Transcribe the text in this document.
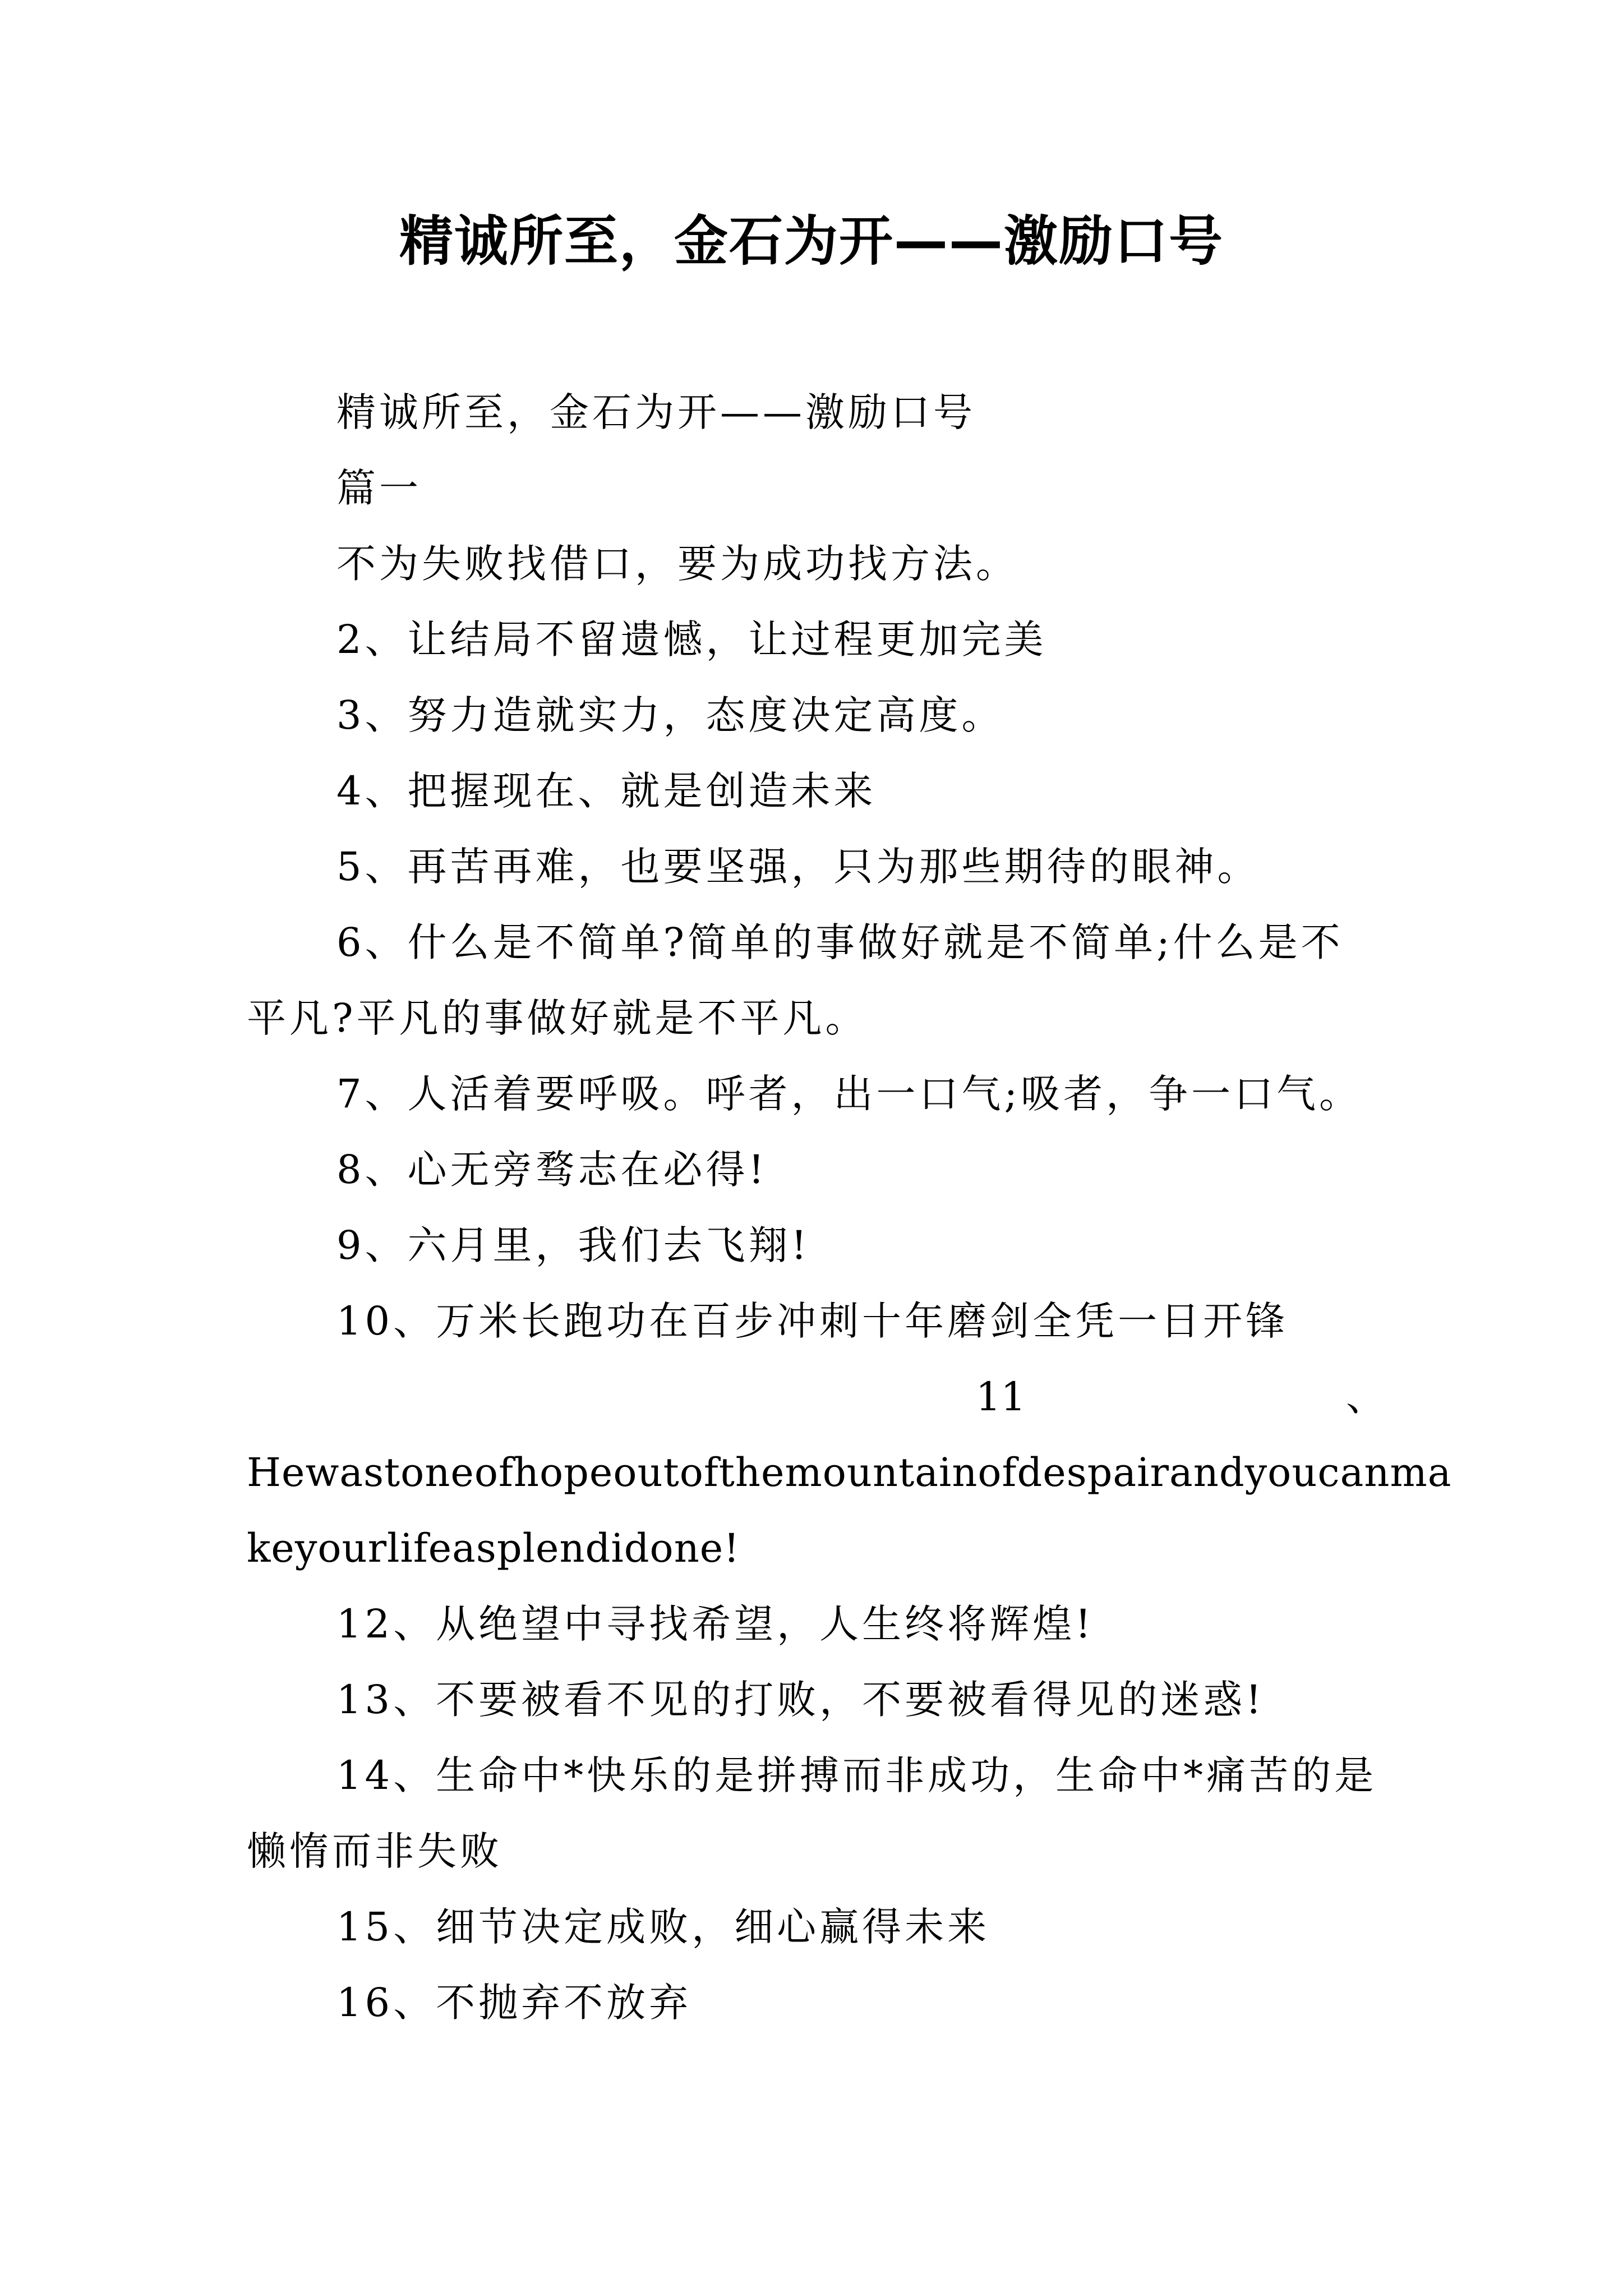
精诚所至，金石为开——激励口号
精诚所至，金石为开——激励口号
篇一
不为失败找借口，要为成功找方法。
2、让结局不留遗憾，让过程更加完美
3、努力造就实力，态度决定高度。
4、把握现在、就是创造未来
5、再苦再难，也要坚强，只为那些期待的眼神。
6、什么是不简单?简单的事做好就是不简单;什么是不
平凡?平凡的事做好就是不平凡。
7、人活着要呼吸。呼者，出一口气;吸者，争一口气。
8、心无旁骛志在必得!
9、六月里，我们去飞翔!
10、万米长跑功在百步冲刺十年磨剑全凭一日开锋
11	、
Hewastoneofhopeoutofthemountainofdespairandyoucanma
keyourlifeasplendidone!
12、从绝望中寻找希望，人生终将辉煌!
13、不要被看不见的打败，不要被看得见的迷惑!
14、生命中*快乐的是拼搏而非成功，生命中*痛苦的是
懒惰而非失败
15、细节决定成败，细心赢得未来
16、不抛弃不放弃
